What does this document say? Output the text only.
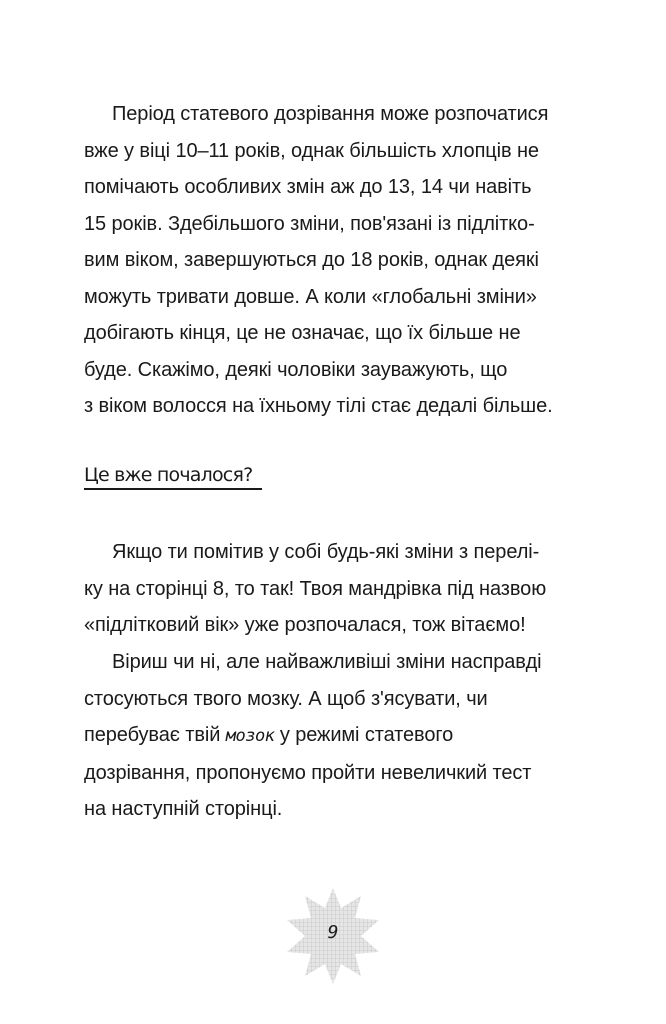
Період статевого дозрівання може розпочатися
вже у віці 10–11 років, однак більшість хлопців не
помічають особливих змін аж до 13, 14 чи навіть
15 років. Здебільшого зміни, пов'язані із підлітко-
вим віком, завершуються до 18 років, однак деякі
можуть тривати довше. А коли «глобальні зміни»
добігають кінця, це не означає, що їх більше не
буде. Скажімо, деякі чоловіки зауважують, що
з віком волосся на їхньому тілі стає дедалі більше.
Це вже почалося?
Якщо ти помітив у собі будь-які зміни з перелі-
ку на сторінці 8, то так! Твоя мандрівка під назвою
«підлітковий вік» уже розпочалася, тож вітаємо!
Віриш чи ні, але найважливіші зміни насправді
стосуються твого мозку. А щоб з'ясувати, чи
перебуває твій мозок у режимі статевого
дозрівання, пропонуємо пройти невеличкий тест
на наступній сторінці.
9
